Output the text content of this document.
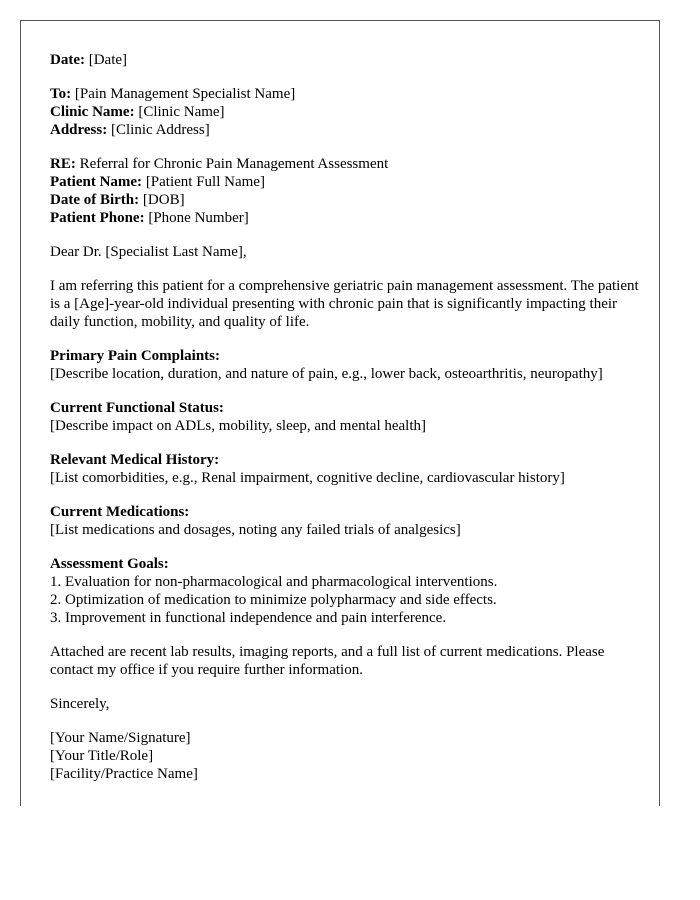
Date: [Date]
To: [Pain Management Specialist Name]
Clinic Name: [Clinic Name]
Address: [Clinic Address]
RE: Referral for Chronic Pain Management Assessment
Patient Name: [Patient Full Name]
Date of Birth: [DOB]
Patient Phone: [Phone Number]

Dear Dr. [Specialist Last Name],

I am referring this patient for a comprehensive geriatric pain management assessment. The patient is a [Age]-year-old individual presenting with chronic pain that is significantly impacting their daily function, mobility, and quality of life.

Primary Pain Complaints:
[Describe location, duration, and nature of pain, e.g., lower back, osteoarthritis, neuropathy]
Current Functional Status:
[Describe impact on ADLs, mobility, sleep, and mental health]
Relevant Medical History:
[List comorbidities, e.g., Renal impairment, cognitive decline, cardiovascular history]
Current Medications:
[List medications and dosages, noting any failed trials of analgesics]
Assessment Goals:
1. Evaluation for non-pharmacological and pharmacological interventions.
2. Optimization of medication to minimize polypharmacy and side effects.
3. Improvement in functional independence and pain interference.

Attached are recent lab results, imaging reports, and a full list of current medications. Please contact my office if you require further information.

Sincerely,

[Your Name/Signature]
[Your Title/Role]
[Facility/Practice Name]
